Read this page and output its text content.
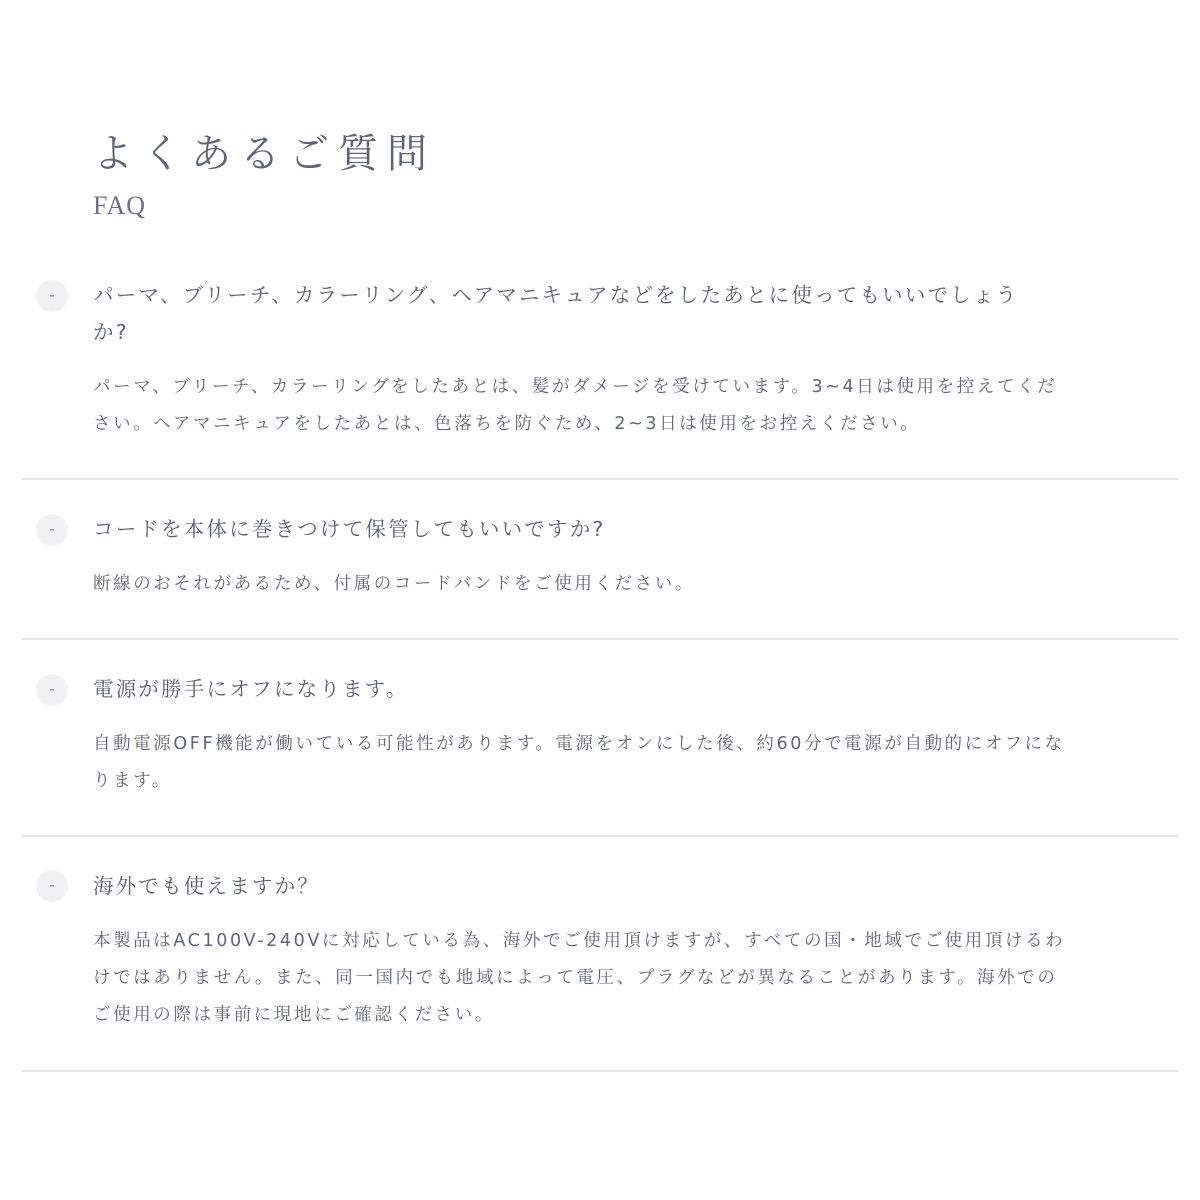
よくあるご質問
FAQ
-	パーマ、ブリーチ、カラーリング、ヘアマニキュアなどをしたあとに使ってもいいでしょうか?

パーマ、ブリーチ、カラーリングをしたあとは、髪がダメージを受けています。3~4日は使用を控えてください。ヘアマニキュアをしたあとは、色落ちを防ぐため、2~3日は使用をお控えください。

-	コードを本体に巻きつけて保管してもいいですか?

断線のおそれがあるため、付属のコードバンドをご使用ください。

-	電源が勝手にオフになります。

自動電源OFF機能が働いている可能性があります。電源をオンにした後、約60分で電源が自動的にオフになります。

-	海外でも使えますか？

本製品はAC100V-240Vに対応している為、海外でご使用頂けますが、すべての国・地域でご使用頂けるわけではありません。また、同一国内でも地域によって電圧、プラグなどが異なることがあります。海外でのご使用の際は事前に現地にご確認ください。
